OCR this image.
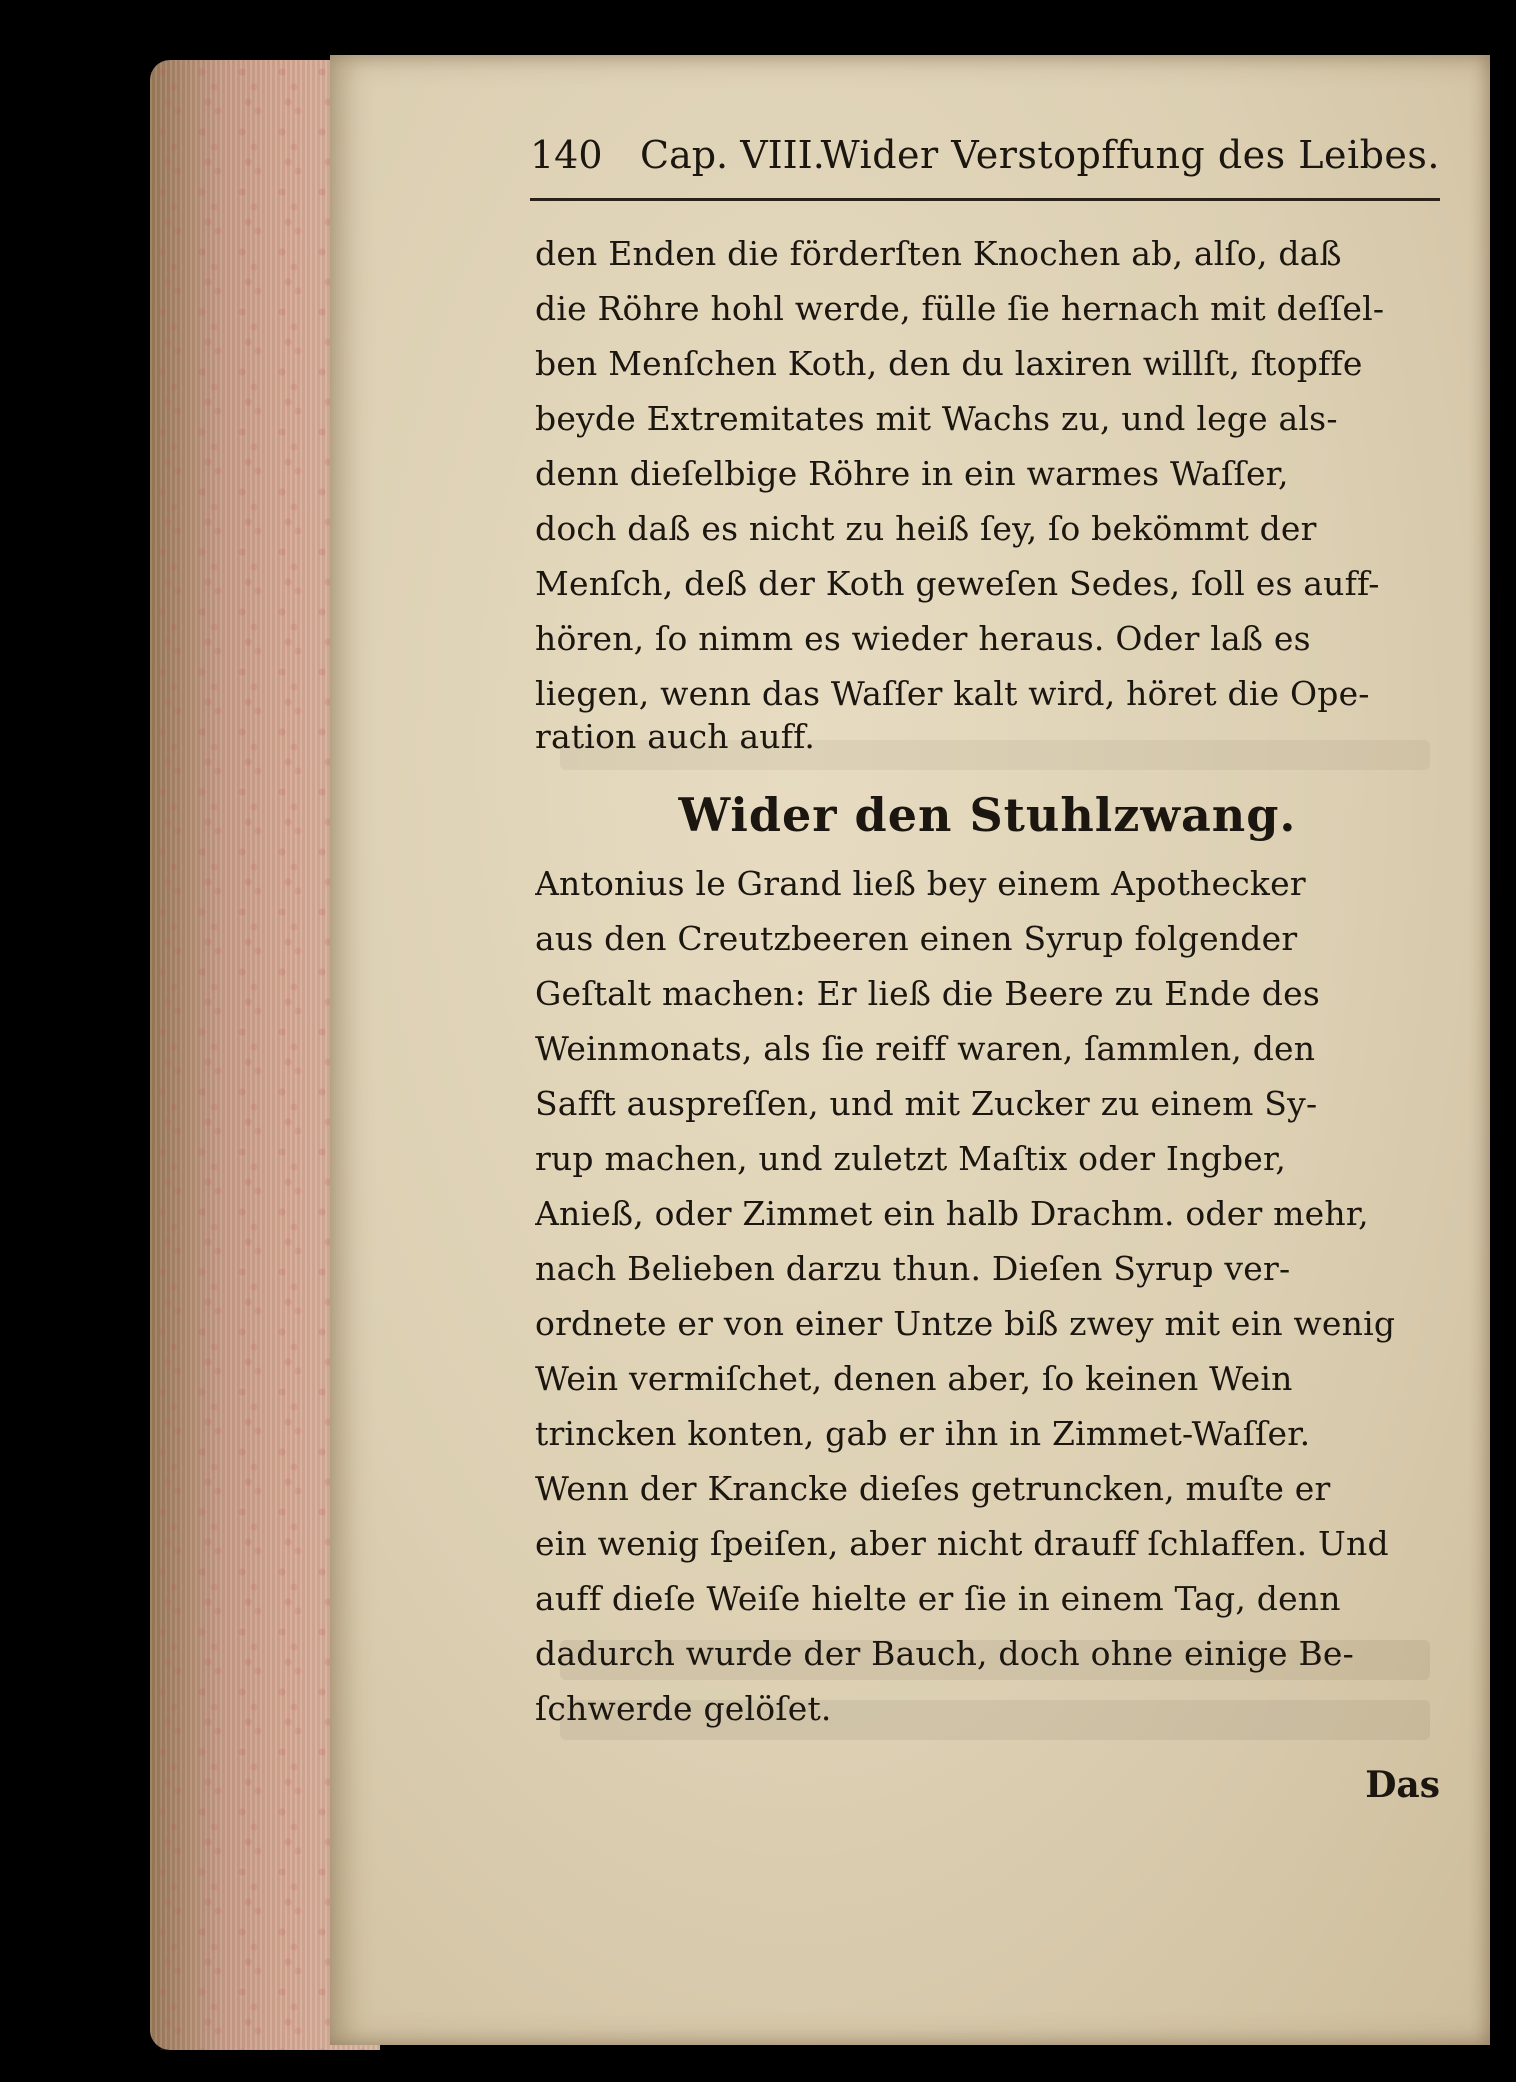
140 Cap. VIII.
Wider Verstopffung des Leibes.
den Enden die förderſten Knochen ab, alſo, daß
die Röhre hohl werde, fülle ſie hernach mit deſſel-
ben Menſchen Koth, den du laxiren willſt, ſtopffe
beyde Extremitates mit Wachs zu, und lege als-
denn dieſelbige Röhre in ein warmes Waſſer,
doch daß es nicht zu heiß ſey, ſo bekömmt der
Menſch, deß der Koth geweſen Sedes, ſoll es auff-
hören, ſo nimm es wieder heraus. Oder laß es
liegen, wenn das Waſſer kalt wird, höret die Ope-
ration auch auff.
Wider den Stuhlzwang.
Antonius le Grand ließ bey einem Apothecker
aus den Creutzbeeren einen Syrup folgender
Geſtalt machen: Er ließ die Beere zu Ende des
Weinmonats, als ſie reiff waren, ſammlen, den
Safft auspreſſen, und mit Zucker zu einem Sy-
rup machen, und zuletzt Maſtix oder Ingber,
Anieß, oder Zimmet ein halb Drachm. oder mehr,
nach Belieben darzu thun. Dieſen Syrup ver-
ordnete er von einer Untze biß zwey mit ein wenig
Wein vermiſchet, denen aber, ſo keinen Wein
trincken konten, gab er ihn in Zimmet-Waſſer.
Wenn der Krancke dieſes getruncken, muſte er
ein wenig ſpeiſen, aber nicht drauff ſchlaffen. Und
auff dieſe Weiſe hielte er ſie in einem Tag, denn
dadurch wurde der Bauch, doch ohne einige Be-
ſchwerde gelöſet.
Das
